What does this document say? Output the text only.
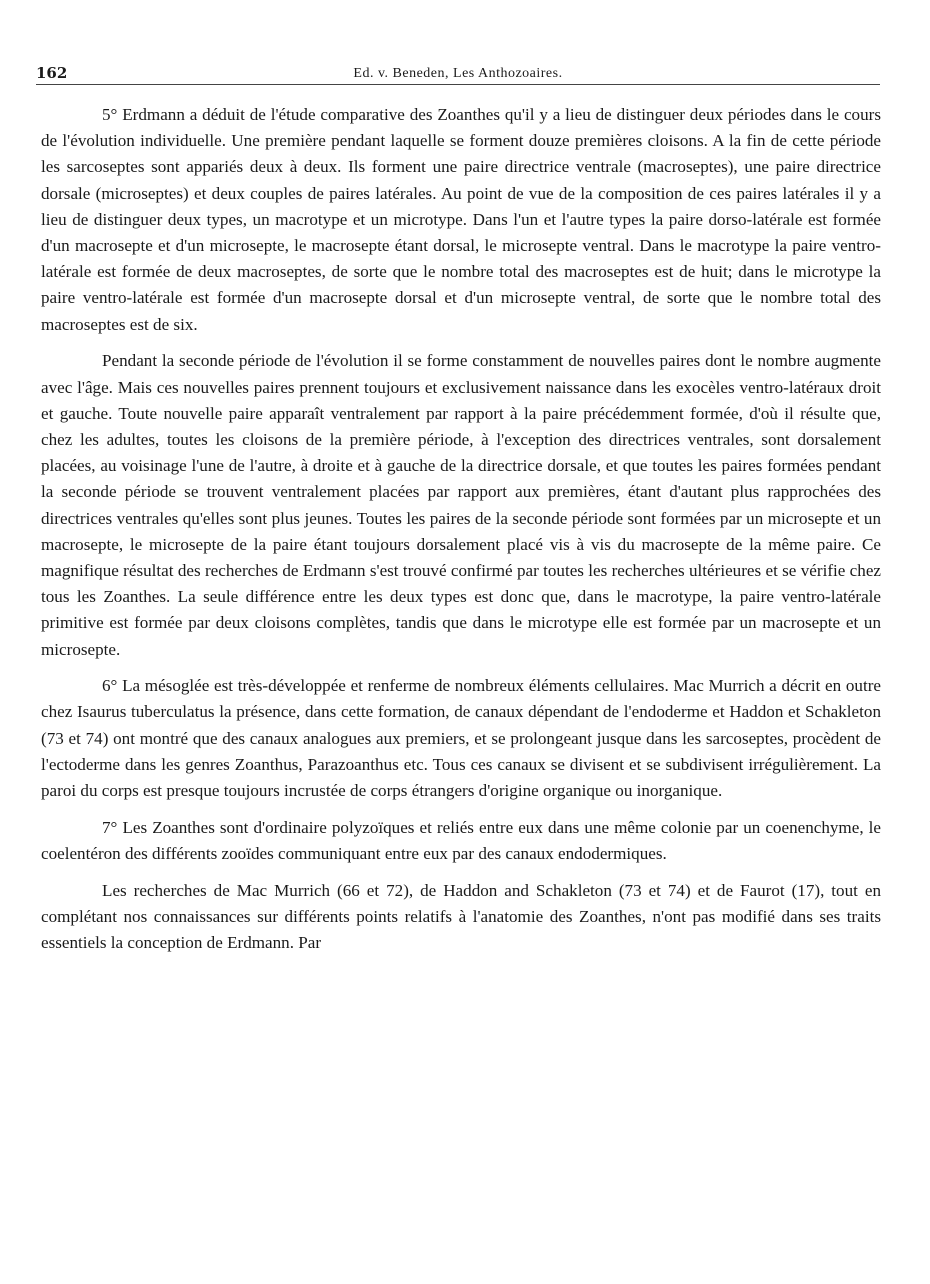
162	Ed. v. Beneden, Les Anthozoaires.

5° Erdmann a déduit de l'étude comparative des Zoanthes qu'il y a lieu de distinguer deux périodes dans le cours de l'évolution individuelle. Une première pendant laquelle se forment douze premières cloisons. A la fin de cette période les sarcoseptes sont appariés deux à deux. Ils forment une paire directrice ventrale (macroseptes), une paire directrice dorsale (microseptes) et deux couples de paires latérales. Au point de vue de la composition de ces paires latérales il y a lieu de distinguer deux types, un macrotype et un microtype. Dans l'un et l'autre types la paire dorso-latérale est formée d'un macrosepte et d'un microsepte, le macrosepte étant dorsal, le microsepte ventral. Dans le macrotype la paire ventro-latérale est formée de deux macroseptes, de sorte que le nombre total des macroseptes est de huit; dans le microtype la paire ventro-latérale est formée d'un macrosepte dorsal et d'un microsepte ventral, de sorte que le nombre total des macroseptes est de six.

Pendant la seconde période de l'évolution il se forme constamment de nouvelles paires dont le nombre augmente avec l'âge. Mais ces nouvelles paires prennent toujours et exclusivement naissance dans les exocèles ventro-latéraux droit et gauche. Toute nouvelle paire apparaît ventralement par rapport à la paire précédemment formée, d'où il résulte que, chez les adultes, toutes les cloisons de la première période, à l'exception des directrices ventrales, sont dorsalement placées, au voisinage l'une de l'autre, à droite et à gauche de la directrice dorsale, et que toutes les paires formées pendant la seconde période se trouvent ventralement placées par rapport aux premières, étant d'autant plus rapprochées des directrices ventrales qu'elles sont plus jeunes. Toutes les paires de la seconde période sont formées par un microsepte et un macrosepte, le microsepte de la paire étant toujours dorsalement placé vis à vis du macrosepte de la même paire. Ce magnifique résultat des recherches de Erdmann s'est trouvé confirmé par toutes les recherches ultérieures et se vérifie chez tous les Zoanthes. La seule différence entre les deux types est donc que, dans le macrotype, la paire ventro-latérale primitive est formée par deux cloisons complètes, tandis que dans le microtype elle est formée par un macrosepte et un microsepte.

6° La mésoglée est très-développée et renferme de nombreux éléments cellulaires. Mac Murrich a décrit en outre chez Isaurus tuberculatus la présence, dans cette formation, de canaux dépendant de l'endoderme et Haddon et Schakleton (73 et 74) ont montré que des canaux analogues aux premiers, et se prolongeant jusque dans les sarcoseptes, procèdent de l'ectoderme dans les genres Zoanthus, Parazoanthus etc. Tous ces canaux se divisent et se subdivisent irrégulièrement. La paroi du corps est presque toujours incrustée de corps étrangers d'origine organique ou inorganique.

7° Les Zoanthes sont d'ordinaire polyzoïques et reliés entre eux dans une même colonie par un coenenchyme, le coelentéron des différents zooïdes communiquant entre eux par des canaux endodermiques.

Les recherches de Mac Murrich (66 et 72), de Haddon and Schakleton (73 et 74) et de Faurot (17), tout en complétant nos connaissances sur différents points relatifs à l'anatomie des Zoanthes, n'ont pas modifié dans ses traits essentiels la conception de Erdmann. Par
